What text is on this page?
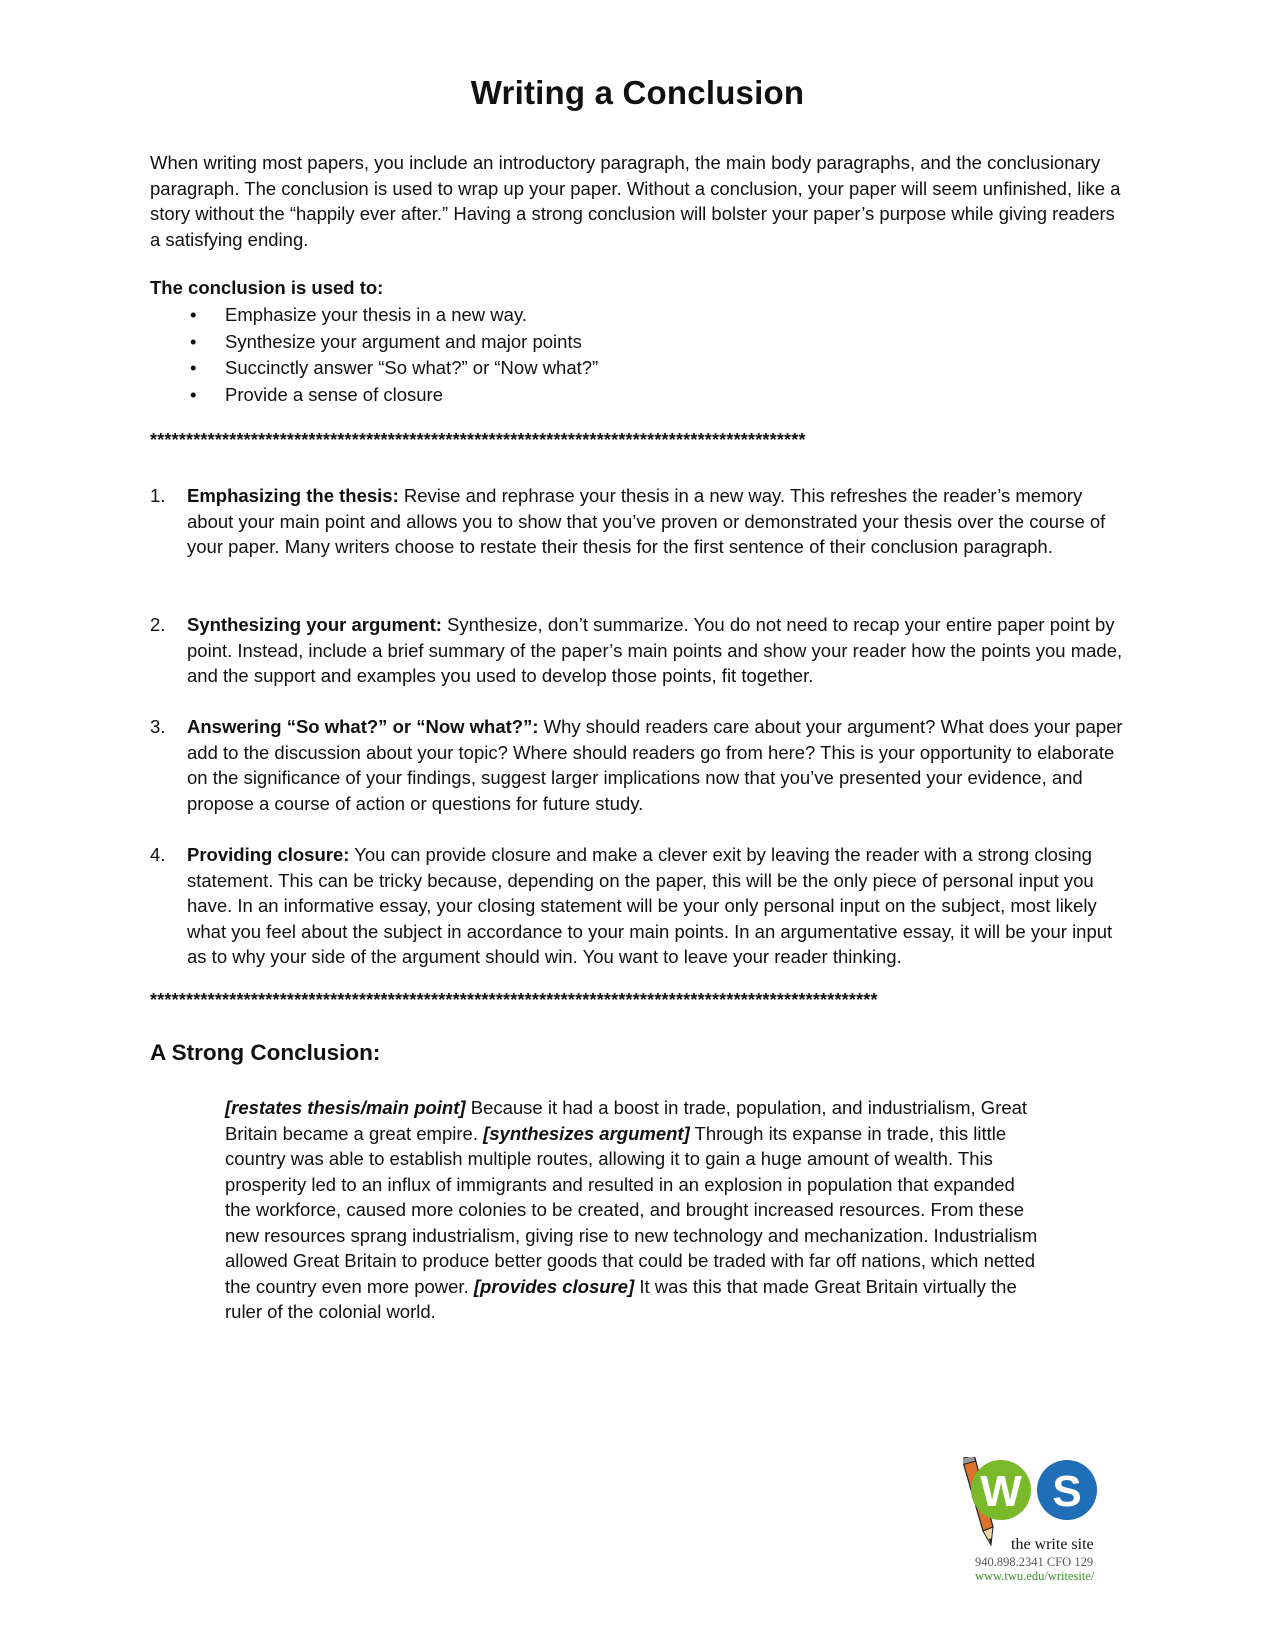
Writing a Conclusion

When writing most papers, you include an introductory paragraph, the main body paragraphs, and the conclusionary paragraph. The conclusion is used to wrap up your paper. Without a conclusion, your paper will seem unfinished, like a story without the “happily ever after.” Having a strong conclusion will bolster your paper’s purpose while giving readers a satisfying ending.

The conclusion is used to:

• Emphasize your thesis in a new way.
• Synthesize your argument and major points
• Succinctly answer “So what?” or “Now what?”
• Provide a sense of closure

*******************************************************************************************

1. Emphasizing the thesis: Revise and rephrase your thesis in a new way. This refreshes the reader’s memory about your main point and allows you to show that you’ve proven or demonstrated your thesis over the course of your paper. Many writers choose to restate their thesis for the first sentence of their conclusion paragraph.
2. Synthesizing your argument: Synthesize, don’t summarize. You do not need to recap your entire paper point by point. Instead, include a brief summary of the paper’s main points and show your reader how the points you made, and the support and examples you used to develop those points, fit together.
3. Answering “So what?” or “Now what?”: Why should readers care about your argument? What does your paper add to the discussion about your topic? Where should readers go from here? This is your opportunity to elaborate on the significance of your findings, suggest larger implications now that you’ve presented your evidence, and propose a course of action or questions for future study.
4. Providing closure: You can provide closure and make a clever exit by leaving the reader with a strong closing statement. This can be tricky because, depending on the paper, this will be the only piece of personal input you have. In an informative essay, your closing statement will be your only personal input on the subject, most likely what you feel about the subject in accordance to your main points. In an argumentative essay, it will be your input as to why your side of the argument should win. You want to leave your reader thinking.

*****************************************************************************************************

A Strong Conclusion:

[restates thesis/main point] Because it had a boost in trade, population, and industrialism, Great Britain became a great empire. [synthesizes argument] Through its expanse in trade, this little country was able to establish multiple routes, allowing it to gain a huge amount of wealth. This prosperity led to an influx of immigrants and resulted in an explosion in population that expanded the workforce, caused more colonies to be created, and brought increased resources. From these new resources sprang industrialism, giving rise to new technology and mechanization. Industrialism allowed Great Britain to produce better goods that could be traded with far off nations, which netted the country even more power. [provides closure] It was this that made Great Britain virtually the ruler of the colonial world.

W S
the write site
940.898.2341 CFO 129
www.twu.edu/writesite/
